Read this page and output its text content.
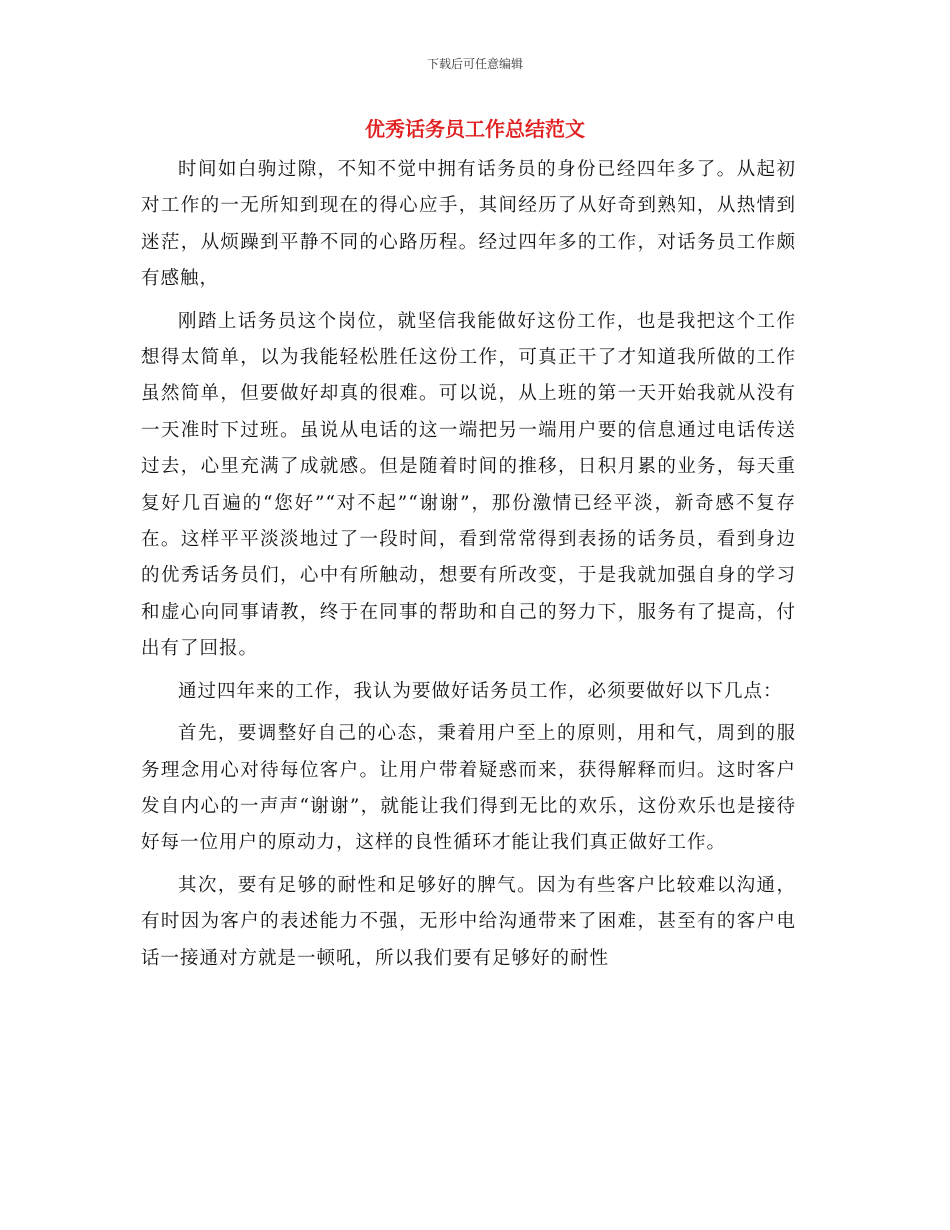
下载后可任意编辑
优秀话务员工作总结范文

时间如白驹过隙，不知不觉中拥有话务员的身份已经四年多了。从起初对工作的一无所知到现在的得心应手，其间经历了从好奇到熟知，从热情到迷茫，从烦躁到平静不同的心路历程。经过四年多的工作，对话务员工作颇有感触，

刚踏上话务员这个岗位，就坚信我能做好这份工作，也是我把这个工作想得太简单，以为我能轻松胜任这份工作，可真正干了才知道我所做的工作虽然简单，但要做好却真的很难。可以说，从上班的第一天开始我就从没有一天准时下过班。虽说从电话的这一端把另一端用户要的信息通过电话传送过去，心里充满了成就感。但是随着时间的推移，日积月累的业务，每天重复好几百遍的“您好”“对不起”“谢谢”，那份激情已经平淡，新奇感不复存在。这样平平淡淡地过了一段时间，看到常常得到表扬的话务员，看到身边的优秀话务员们，心中有所触动，想要有所改变，于是我就加强自身的学习和虚心向同事请教，终于在同事的帮助和自己的努力下，服务有了提高，付出有了回报。

通过四年来的工作，我认为要做好话务员工作，必须要做好以下几点：

首先，要调整好自己的心态，秉着用户至上的原则，用和气，周到的服务理念用心对待每位客户。让用户带着疑惑而来，获得解释而归。这时客户发自内心的一声声“谢谢”，就能让我们得到无比的欢乐，这份欢乐也是接待好每一位用户的原动力，这样的良性循环才能让我们真正做好工作。

其次，要有足够的耐性和足够好的脾气。因为有些客户比较难以沟通，有时因为客户的表述能力不强，无形中给沟通带来了困难，甚至有的客户电话一接通对方就是一顿吼，所以我们要有足够好的耐性
